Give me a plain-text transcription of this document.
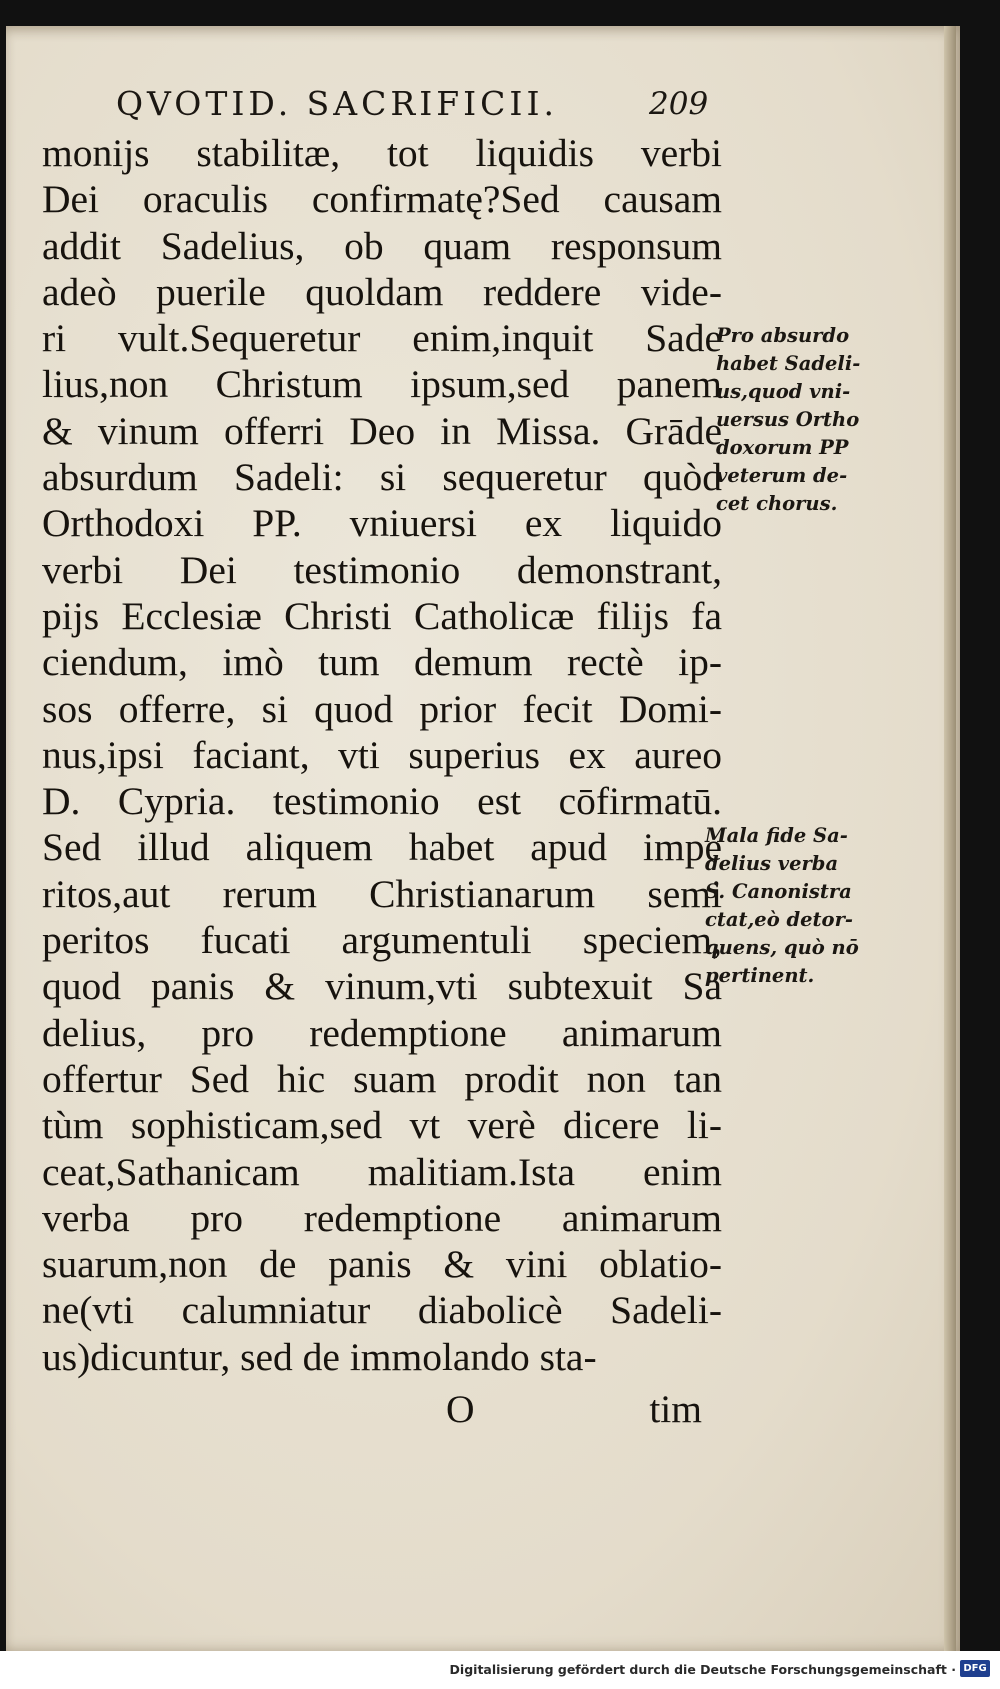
QVOTID. SACRIFICII.	209
monijs stabilitæ, tot liquidis verbi
Dei oraculis confirmatę?Sed causam
addit Sadelius, ob quam responsum
adeò puerile quoldam reddere vide-
ri vult.Sequeretur enim,inquit Sade
lius,non Christum ipsum,sed panem
& vinum offerri Deo in Missa. Grāde
absurdum Sadeli: si sequeretur quòd
Orthodoxi PP. vniuersi ex liquido
verbi Dei testimonio demonstrant,
pijs Ecclesiæ Christi Catholicæ filijs fa
ciendum, imò tum demum rectè ip-
sos offerre, si quod prior fecit Domi-
nus,ipsi faciant, vti superius ex aureo
D. Cypria. testimonio est cōfirmatū.
Sed illud aliquem habet apud impe
ritos,aut rerum Christianarum semi
peritos fucati argumentuli speciem,
quod panis & vinum,vti subtexuit Sa
delius, pro redemptione animarum
offertur Sed hic suam prodit non tan
tùm sophisticam,sed vt verè dicere li-
ceat,Sathanicam malitiam.Ista enim
verba pro redemptione animarum
suarum,non de panis & vini oblatio-
ne(vti calumniatur diabolicè Sadeli-
us)dicuntur, sed de immolando sta-
O	tim
Pro absurdo
habet Sadeli-
us,quod vni-
uersus Ortho
doxorum PP
veterum de-
cet chorus.
Mala fide Sa-
delius verba
S. Canonistra
ctat,eò detor-
quens, quò nō
pertinent.
Digitalisierung gefördert durch die Deutsche Forschungsgemeinschaft · DFG
